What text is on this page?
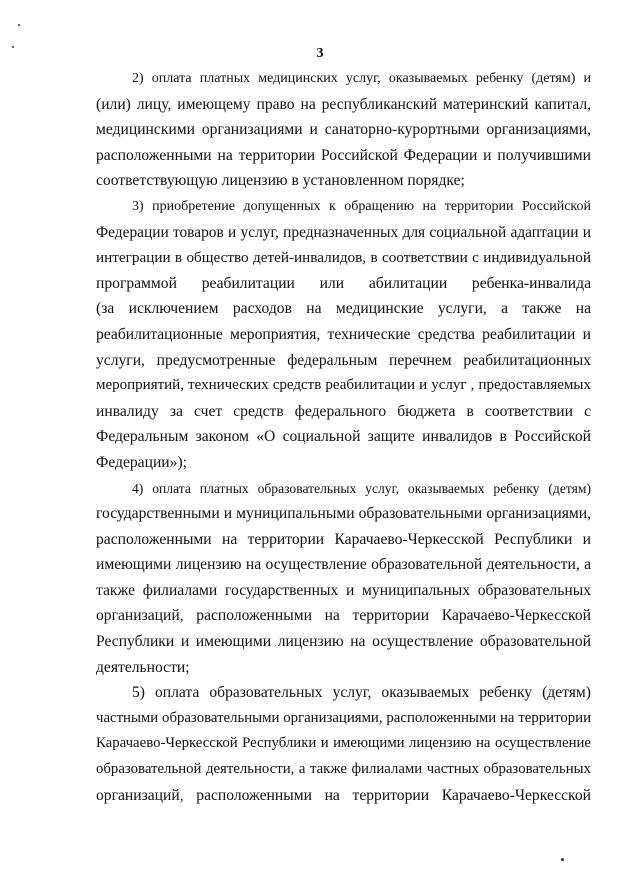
3

2) оплата платных медицинских услуг, оказываемых ребенку (детям) и
(или) лицу, имеющему право на республиканский материнский капитал,
медицинскими организациями и санаторно-курортными организациями,
расположенными на территории Российской Федерации и получившими
соответствующую лицензию в установленном порядке;

3) приобретение допущенных к обращению на территории Российской
Федерации товаров и услуг, предназначенных для социальной адаптации и
интеграции в общество детей-инвалидов, в соответствии с индивидуальной
программой реабилитации или абилитации ребенка-инвалида
(за исключением расходов на медицинские услуги, а также на
реабилитационные мероприятия, технические средства реабилитации и
услуги, предусмотренные федеральным перечнем реабилитационных
мероприятий, технических средств реабилитации и услуг , предоставляемых
инвалиду за счет средств федерального бюджета в соответствии с
Федеральным законом «О социальной защите инвалидов в Российской
Федерации»);

4) оплата платных образовательных услуг, оказываемых ребенку (детям)
государственными и муниципальными образовательными организациями,
расположенными на территории Карачаево-Черкесской Республики и
имеющими лицензию на осуществление образовательной деятельности, а
также филиалами государственных и муниципальных образовательных
организаций, расположенными на территории Карачаево-Черкесской
Республики и имеющими лицензию на осуществление образовательной
деятельности;

5) оплата образовательных услуг, оказываемых ребенку (детям)
частными образовательными организациями, расположенными на территории
Карачаево-Черкесской Республики и имеющими лицензию на осуществление
образовательной деятельности, а также филиалами частных образовательных
организаций, расположенными на территории Карачаево-Черкесской
